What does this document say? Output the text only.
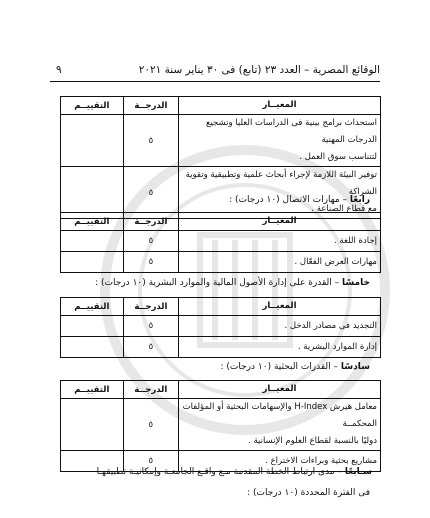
الوقائع المصرية – العدد ٢٣ (تابع) فى ٣٠ يناير سنة ٢٠٢١
٩
المعيــار	الدرجــة	التقييــم

استحداث برامج بينية فى الدراسات العليا وتشجيع الدرجات المهنية
لتتناسب سوق العمل .	٥	

توفير البيئة اللازمة لإجراء أبحاث علمية وتطبيقية وتقوية الشراكة
مع قطاع الصناعة .	٥	
رابعًا – مهارات الاتصال (١٠ درجات) :
المعيــار	الدرجــة	التقييــم
إجادة اللغة .	٥	
مهارات العرض الفعّال .	٥	
خامسًا – القدرة على إدارة الأصول المالية والموارد البشرية (١٠ درجات) :
المعيــار	الدرجــة	التقييــم
التجديد فى مصادر الدخل .	٥	
إدارة الموارد البشرية .	٥	
سادسًا – القدرات البحثية (١٠ درجات) :
المعيــار	الدرجــة	التقييــم

معامل هيرش H-Index والإسهامات البحثية أو المؤلفات المحكمــة
دوليًا بالنسبة لقطاع العلوم الإنسانية .	٥	
مشاريع بحثية وبراءات الاختراع .	٥	
سـابعًا – مدى ارتباط الخطة المقدمة مـع واقـع الجامعـة وإمكانيـة تطبيقهـا
فى الفترة المحددة (١٠ درجات) :
